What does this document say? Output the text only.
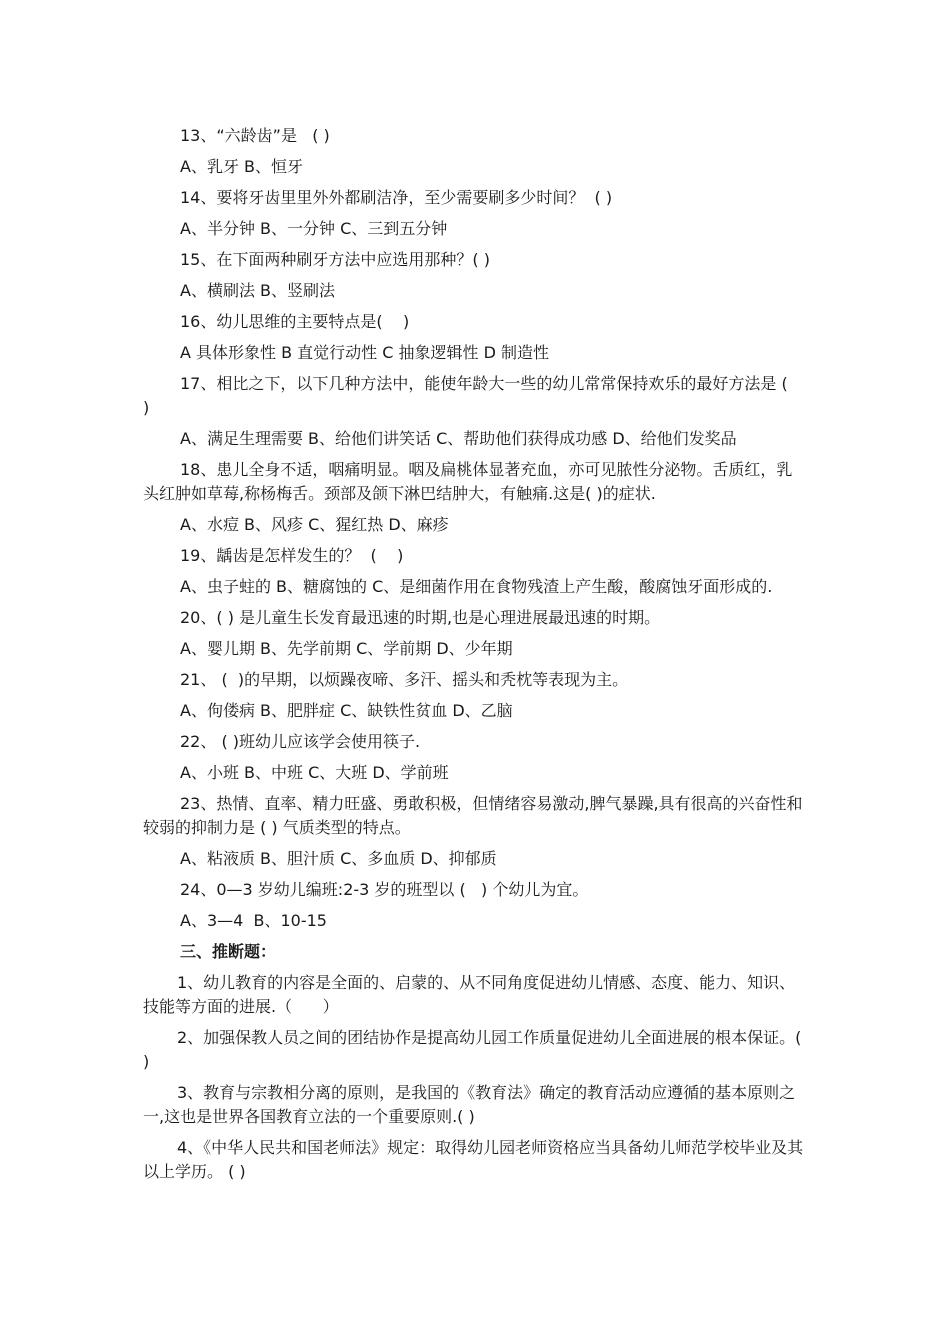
13、“六龄齿”是   ( )

A、乳牙 B、恒牙

14、要将牙齿里里外外都刷洁净，至少需要刷多少时间？  ( )

A、半分钟 B、一分钟 C、三到五分钟

15、在下面两种刷牙方法中应选用那种？( )

A、横刷法 B、竖刷法

16、幼儿思维的主要特点是(    )

A 具体形象性 B 直觉行动性 C 抽象逻辑性 D 制造性

17、相比之下，以下几种方法中，能使年龄大一些的幼儿常常保持欢乐的最好方法是 (    )

A、满足生理需要 B、给他们讲笑话 C、帮助他们获得成功感 D、给他们发奖品

18、患儿全身不适，咽痛明显。咽及扁桃体显著充血，亦可见脓性分泌物。舌质红，乳头红肿如草莓,称杨梅舌。颈部及颌下淋巴结肿大，有触痛.这是( )的症状.

A、水痘 B、风疹 C、猩红热 D、麻疹

19、龋齿是怎样发生的？  (    )

A、虫子蛀的 B、糖腐蚀的 C、是细菌作用在食物残渣上产生酸，酸腐蚀牙面形成的.

20、( ) 是儿童生长发育最迅速的时期,也是心理进展最迅速的时期。

A、婴儿期 B、先学前期 C、学前期 D、少年期

21、 (  )的早期，以烦躁夜啼、多汗、摇头和秃枕等表现为主。

A、佝偻病 B、肥胖症 C、缺铁性贫血 D、乙脑

22、 ( )班幼儿应该学会使用筷子.

A、小班 B、中班 C、大班 D、学前班

23、热情、直率、精力旺盛、勇敢积极，但情绪容易激动,脾气暴躁,具有很高的兴奋性和较弱的抑制力是 ( ) 气质类型的特点。

A、粘液质 B、胆汁质 C、多血质 D、抑郁质

24、0—3 岁幼儿编班:2-3 岁的班型以 (   ) 个幼儿为宜。

A、3—4  B、10-15

三、推断题：

1、幼儿教育的内容是全面的、启蒙的、从不同角度促进幼儿情感、态度、能力、知识、技能等方面的进展.（      ）

2、加强保教人员之间的团结协作是提高幼儿园工作质量促进幼儿全面进展的根本保证。( )

3、教育与宗教相分离的原则，是我国的《教育法》确定的教育活动应遵循的基本原则之一,这也是世界各国教育立法的一个重要原则.( )

4、《中华人民共和国老师法》规定：取得幼儿园老师资格应当具备幼儿师范学校毕业及其以上学历。 ( )
